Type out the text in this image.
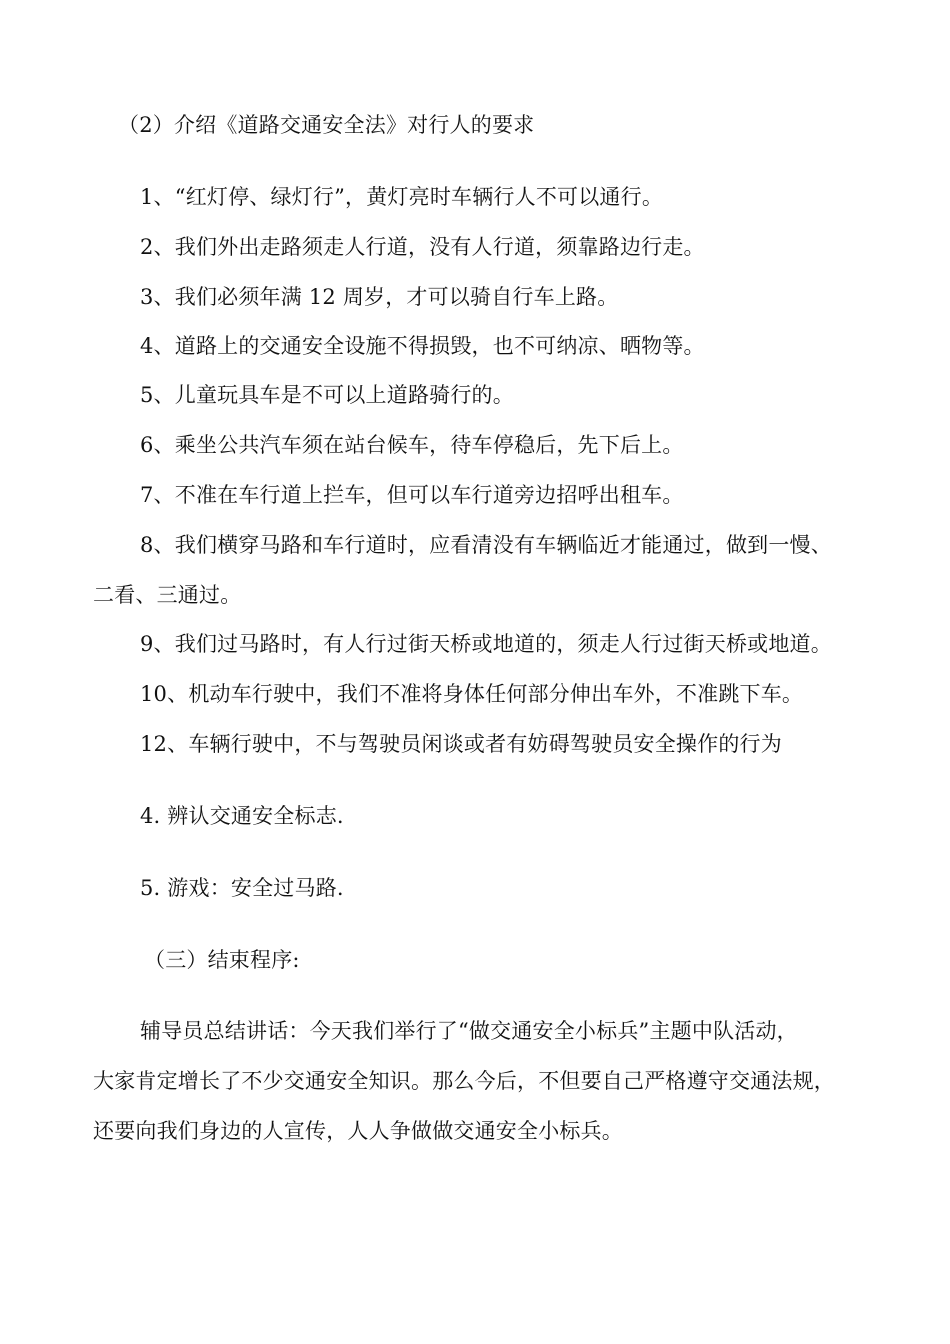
（2）介绍《道路交通安全法》对行人的要求
1、“红灯停、绿灯行”，黄灯亮时车辆行人不可以通行。
2、我们外出走路须走人行道，没有人行道，须靠路边行走。
3、我们必须年满 12 周岁，才可以骑自行车上路。
4、道路上的交通安全设施不得损毁，也不可纳凉、晒物等。
5、儿童玩具车是不可以上道路骑行的。
6、乘坐公共汽车须在站台候车，待车停稳后，先下后上。
7、不准在车行道上拦车，但可以车行道旁边招呼出租车。
8、我们横穿马路和车行道时，应看清没有车辆临近才能通过，做到一慢、
二看、三通过。
9、我们过马路时，有人行过街天桥或地道的，须走人行过街天桥或地道。
10、机动车行驶中，我们不准将身体任何部分伸出车外，不准跳下车。
12、车辆行驶中，不与驾驶员闲谈或者有妨碍驾驶员安全操作的行为
4. 辨认交通安全标志.
5. 游戏：安全过马路.
（三）结束程序:
辅导员总结讲话：今天我们举行了“做交通安全小标兵”主题中队活动，
大家肯定增长了不少交通安全知识。那么今后，不但要自己严格遵守交通法规，
还要向我们身边的人宣传，人人争做做交通安全小标兵。
